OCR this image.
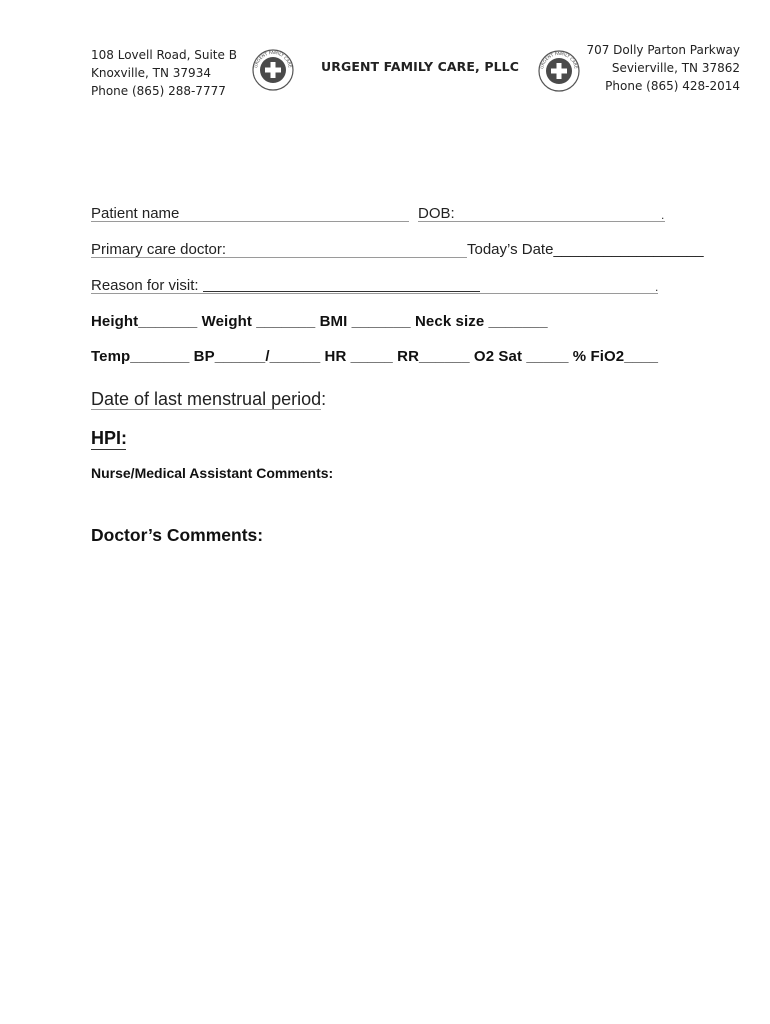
108 Lovell Road, Suite B
Knoxville, TN 37934
Phone (865) 288-7777
URGENT FAMILY CARE URGENT FAMILY CARE, PLLC	URGENT FAMILY CARE
707 Dolly Parton Parkway
Sevierville, TN 37862
Phone (865) 428-2014
Patient name	DOB:	.
Primary care doctor:	Today’s Date__________________
Reason for visit:	.
Height_______ Weight _______ BMI _______ Neck size _______
Temp_______ BP______/______ HR _____ RR______ O2 Sat _____ % FiO2____
Date of last menstrual period:
HPI:
Nurse/Medical Assistant Comments:
Doctor’s Comments:
